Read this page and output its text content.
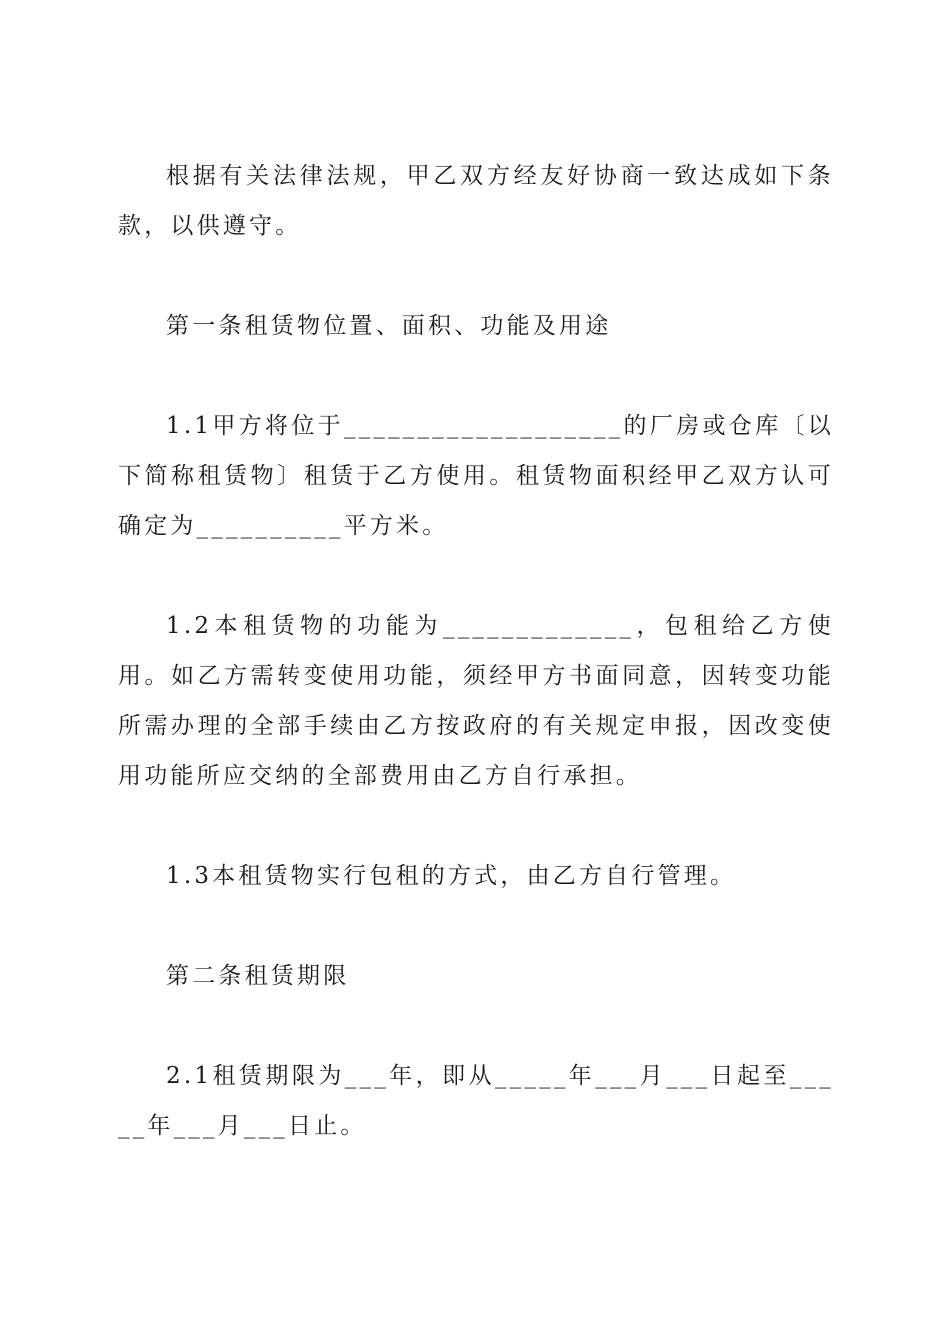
根据有关法律法规，甲乙双方经友好协商一致达成如下条款，以供遵守。

第一条租赁物位置、面积、功能及用途

1.1甲方将位于___________________的厂房或仓库〔以下简称租赁物〕租赁于乙方使用。租赁物面积经甲乙双方认可确定为__________平方米。

1.2本租赁物的功能为_____________，包租给乙方使用。如乙方需转变使用功能，须经甲方书面同意，因转变功能所需办理的全部手续由乙方按政府的有关规定申报，因改变使用功能所应交纳的全部费用由乙方自行承担。

1.3本租赁物实行包租的方式，由乙方自行管理。

第二条租赁期限

2.1租赁期限为___年，即从_____年___月___日起至_____年___月___日止。
